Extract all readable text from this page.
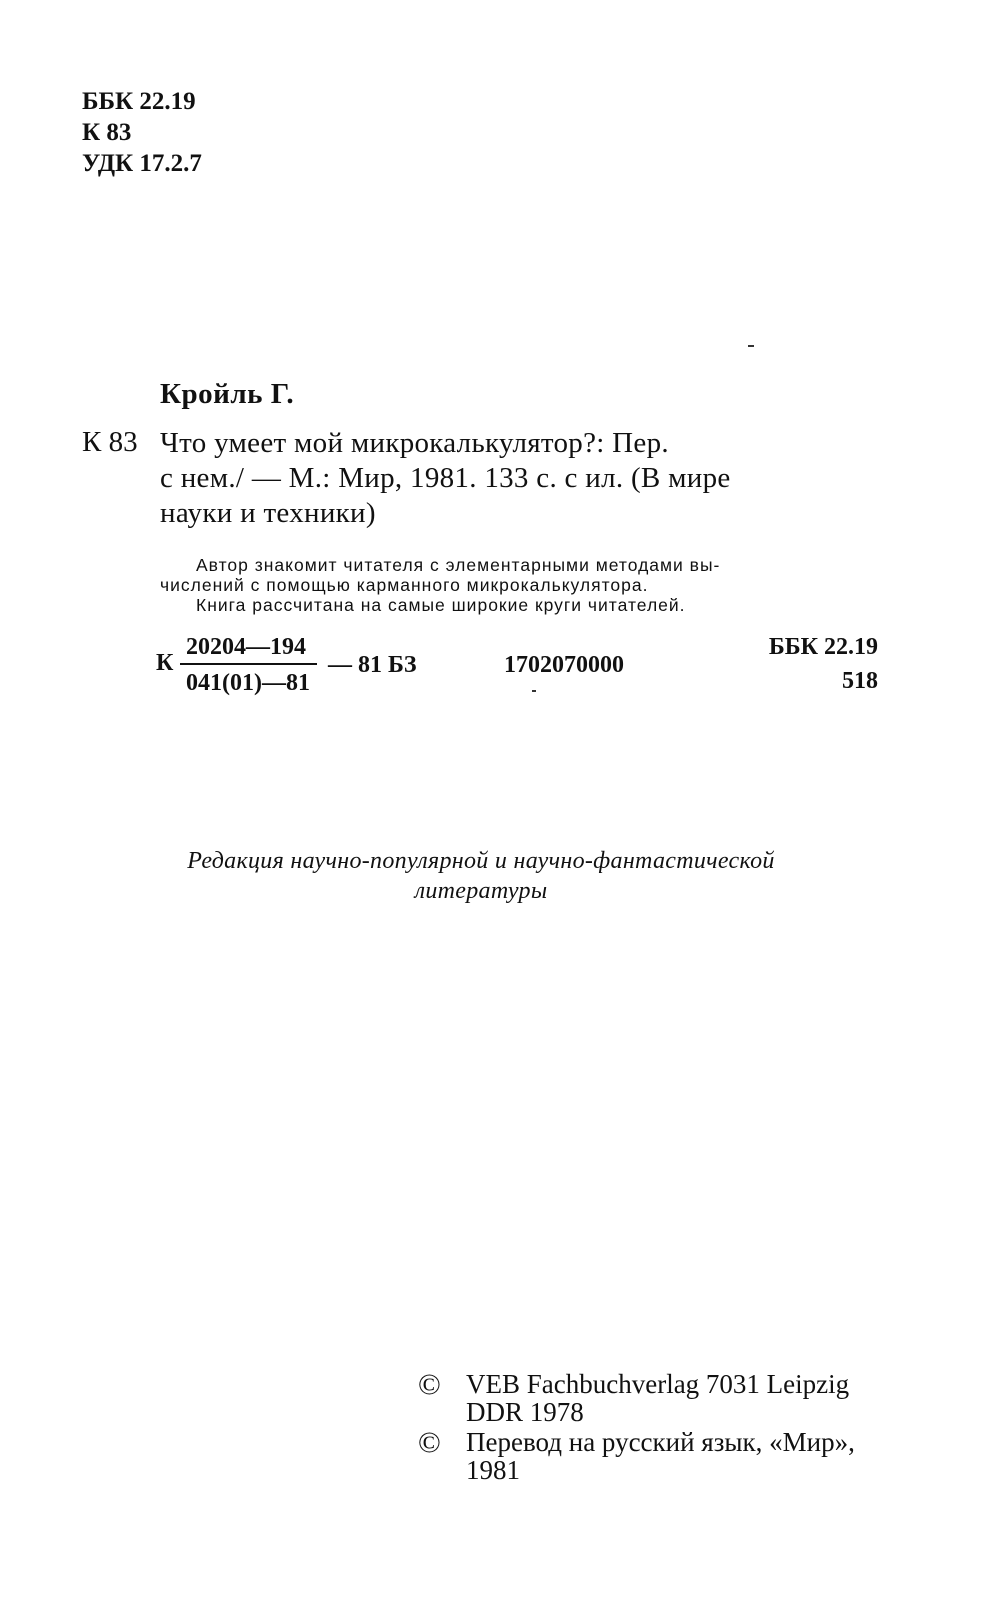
ББК 22.19
К 83
УДК 17.2.7
Кройль Г.
К 83 Что умеет мой микрокалькулятор?: Пер.
с нем./ — М.: Мир, 1981. 133 с. с ил. (В мире
науки и техники)
Автор знакомит читателя с элементарными методами вы-
числений с помощью карманного микрокалькулятора.
Книга рассчитана на самые широкие круги читателей.
К
20204—194
041(01)—81
— 81 БЗ	1702070000
ББК 22.19
518
Редакция научно-популярной и научно-фантастической
литературы
© VEB Fachbuchverlag 7031 Leipzig
DDR 1978
© Перевод на русский язык, «Мир»,
1981
